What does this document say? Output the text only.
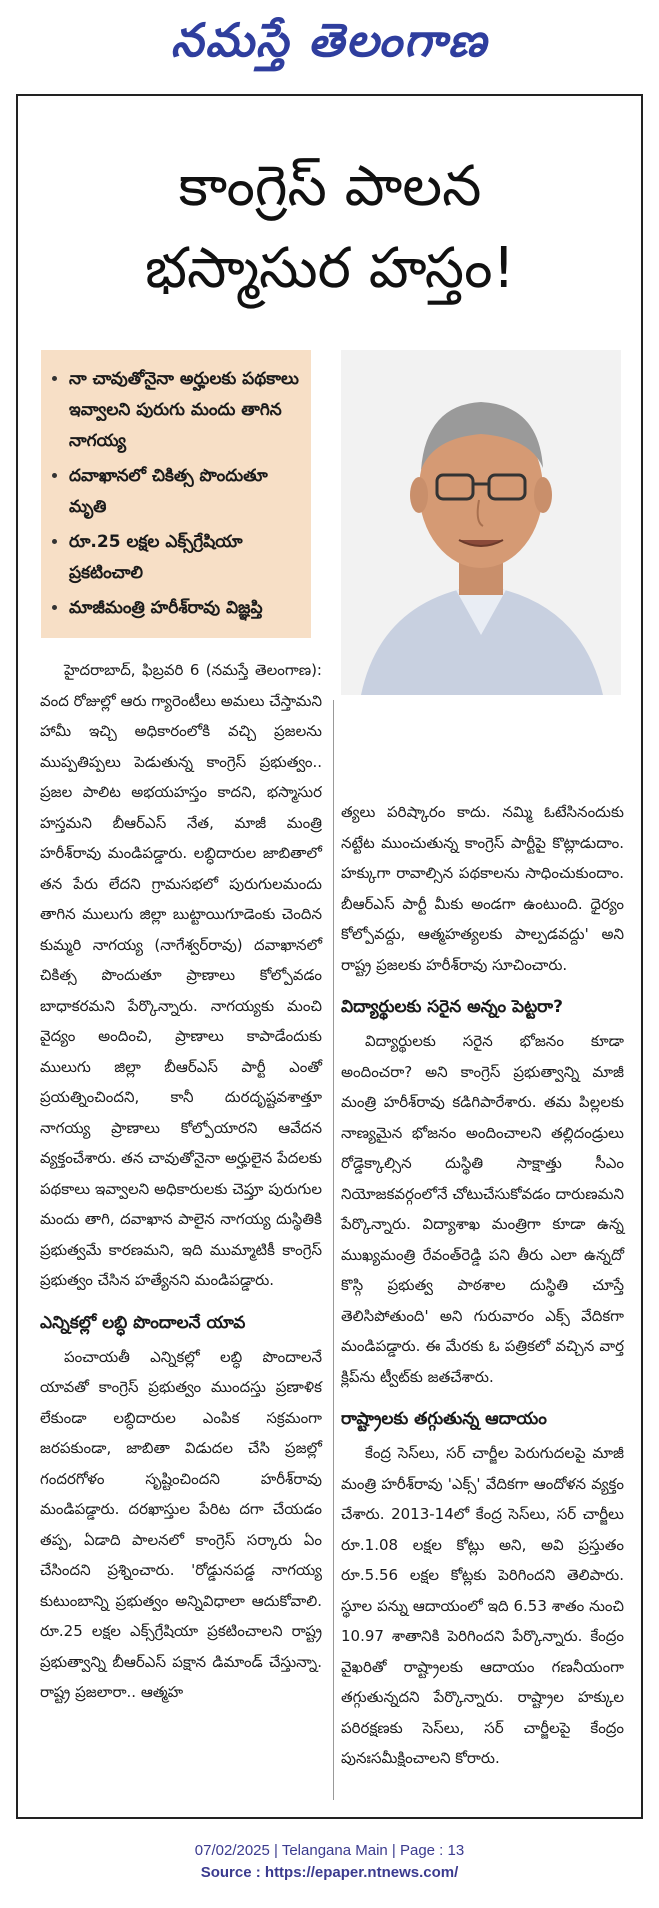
నమస్తే తెలంగాణ
కాంగ్రెస్ పాలన
భస్మాసుర హస్తం!
• నా చావుతోనైనా అర్హులకు పథకాలు ఇవ్వాలని పురుగు మందు తాగిన నాగయ్య
• దవాఖానలో చికిత్స పొందుతూ మృతి
• రూ.25 లక్షల ఎక్స్‌గ్రేషియా ప్రకటించాలి
• మాజీమంత్రి హరీశ్‌రావు విజ్ఞప్తి

హైదరాబాద్, ఫిబ్రవరి 6 (నమస్తే తెలంగాణ): వంద రోజుల్లో ఆరు గ్యారెంటీలు అమలు చేస్తామని హామీ ఇచ్చి అధికారంలోకి వచ్చి ప్రజలను ముప్పతిప్పలు పెడుతున్న కాంగ్రెస్ ప్రభుత్వం.. ప్రజల పాలిట అభయహస్తం కాదని, భస్మాసుర హస్తమని బీఆర్‌ఎస్ నేత, మాజీ మంత్రి హరీశ్‌రావు మండిపడ్డారు. లబ్ధిదారుల జాబితాలో తన పేరు లేదని గ్రామసభలో పురుగులమందు తాగిన ములుగు జిల్లా బుట్టాయిగూడెంకు చెందిన కుమ్మరి నాగయ్య (నాగేశ్వర్‌రావు) దవాఖానలో చికిత్స పొందుతూ ప్రాణాలు కోల్పోవడం బాధాకరమని పేర్కొన్నారు. నాగయ్యకు మంచి వైద్యం అందించి, ప్రాణాలు కాపాడేందుకు ములుగు జిల్లా బీఆర్‌ఎస్ పార్టీ ఎంతో ప్రయత్నించిందని, కానీ దురదృష్టవశాత్తూ నాగయ్య ప్రాణాలు కోల్పోయారని ఆవేదన వ్యక్తంచేశారు. తన చావుతోనైనా అర్హులైన పేదలకు పథకాలు ఇవ్వాలని అధికారులకు చెప్తూ పురుగుల మందు తాగి, దవాఖాన పాలైన నాగయ్య దుస్థితికి ప్రభుత్వమే కారణమని, ఇది ముమ్మాటికీ కాంగ్రెస్ ప్రభుత్వం చేసిన హత్యేనని మండిపడ్డారు.

ఎన్నికల్లో లబ్ధి పొందాలనే యావ

పంచాయతీ ఎన్నికల్లో లబ్ధి పొందాలనే యావతో కాంగ్రెస్ ప్రభుత్వం ముందస్తు ప్రణాళిక లేకుండా లబ్ధిదారుల ఎంపిక సక్రమంగా జరపకుండా, జాబితా విడుదల చేసి ప్రజల్లో గందరగోళం సృష్టించిందని హరీశ్‌రావు మండిపడ్డారు. దరఖాస్తుల పేరిట దగా చేయడం తప్ప, ఏడాది పాలనలో కాంగ్రెస్ సర్కారు ఏం చేసిందని ప్రశ్నించారు. 'రోడ్డునపడ్డ నాగయ్య కుటుంబాన్ని ప్రభుత్వం అన్నివిధాలా ఆదుకోవాలి. రూ.25 లక్షల ఎక్స్‌గ్రేషియా ప్రకటించాలని రాష్ట్ర ప్రభుత్వాన్ని బీఆర్‌ఎస్ పక్షాన డిమాండ్ చేస్తున్నా. రాష్ట్ర ప్రజలారా.. ఆత్మహ

త్యలు పరిష్కారం కాదు. నమ్మి ఓటేసినందుకు నట్టేట ముంచుతున్న కాంగ్రెస్ పార్టీపై కొట్లాడుదాం. హక్కుగా రావాల్సిన పథకాలను సాధించుకుందాం. బీఆర్‌ఎస్ పార్టీ మీకు అండగా ఉంటుంది. ధైర్యం కోల్పోవద్దు, ఆత్మహత్యలకు పాల్పడవద్దు' అని రాష్ట్ర ప్రజలకు హరీశ్‌రావు సూచించారు.

విద్యార్థులకు సరైన అన్నం పెట్టరా?

విద్యార్థులకు సరైన భోజనం కూడా అందించరా? అని కాంగ్రెస్ ప్రభుత్వాన్ని మాజీ మంత్రి హరీశ్‌రావు కడిగిపారేశారు. తమ పిల్లలకు నాణ్యమైన భోజనం అందించాలని తల్లిదండ్రులు రోడ్డెక్కాల్సిన దుస్థితి సాక్షాత్తు సీఎం నియోజకవర్గంలోనే చోటుచేసుకోవడం దారుణమని పేర్కొన్నారు. విద్యాశాఖ మంత్రిగా కూడా ఉన్న ముఖ్యమంత్రి రేవంత్‌రెడ్డి పని తీరు ఎలా ఉన్నదో కొస్గి ప్రభుత్వ పాఠశాల దుస్థితి చూస్తే తెలిసిపోతుంది' అని గురువారం ఎక్స్ వేదికగా మండిపడ్డారు. ఈ మేరకు ఓ పత్రికలో వచ్చిన వార్త క్లిప్‌ను ట్వీట్‌కు జతచేశారు.

రాష్ట్రాలకు తగ్గుతున్న ఆదాయం

కేంద్ర సెస్‌లు, సర్ చార్జీల పెరుగుదలపై మాజీ మంత్రి హరీశ్‌రావు 'ఎక్స్' వేదికగా ఆందోళన వ్యక్తం చేశారు. 2013-14లో కేంద్ర సెస్‌లు, సర్ చార్జీలు రూ.1.08 లక్షల కోట్లు అని, అవి ప్రస్తుతం రూ.5.56 లక్షల కోట్లకు పెరిగిందని తెలిపారు. స్థూల పన్ను ఆదాయంలో ఇది 6.53 శాతం నుంచి 10.97 శాతానికి పెరిగిందని పేర్కొన్నారు. కేంద్రం వైఖరితో రాష్ట్రాలకు ఆదాయం గణనీయంగా తగ్గుతున్నదని పేర్కొన్నారు. రాష్ట్రాల హక్కుల పరిరక్షణకు సెస్‌లు, సర్ చార్జీలపై కేంద్రం పునఃసమీక్షించాలని కోరారు.

07/02/2025 | Telangana Main | Page : 13
Source : https://epaper.ntnews.com/
